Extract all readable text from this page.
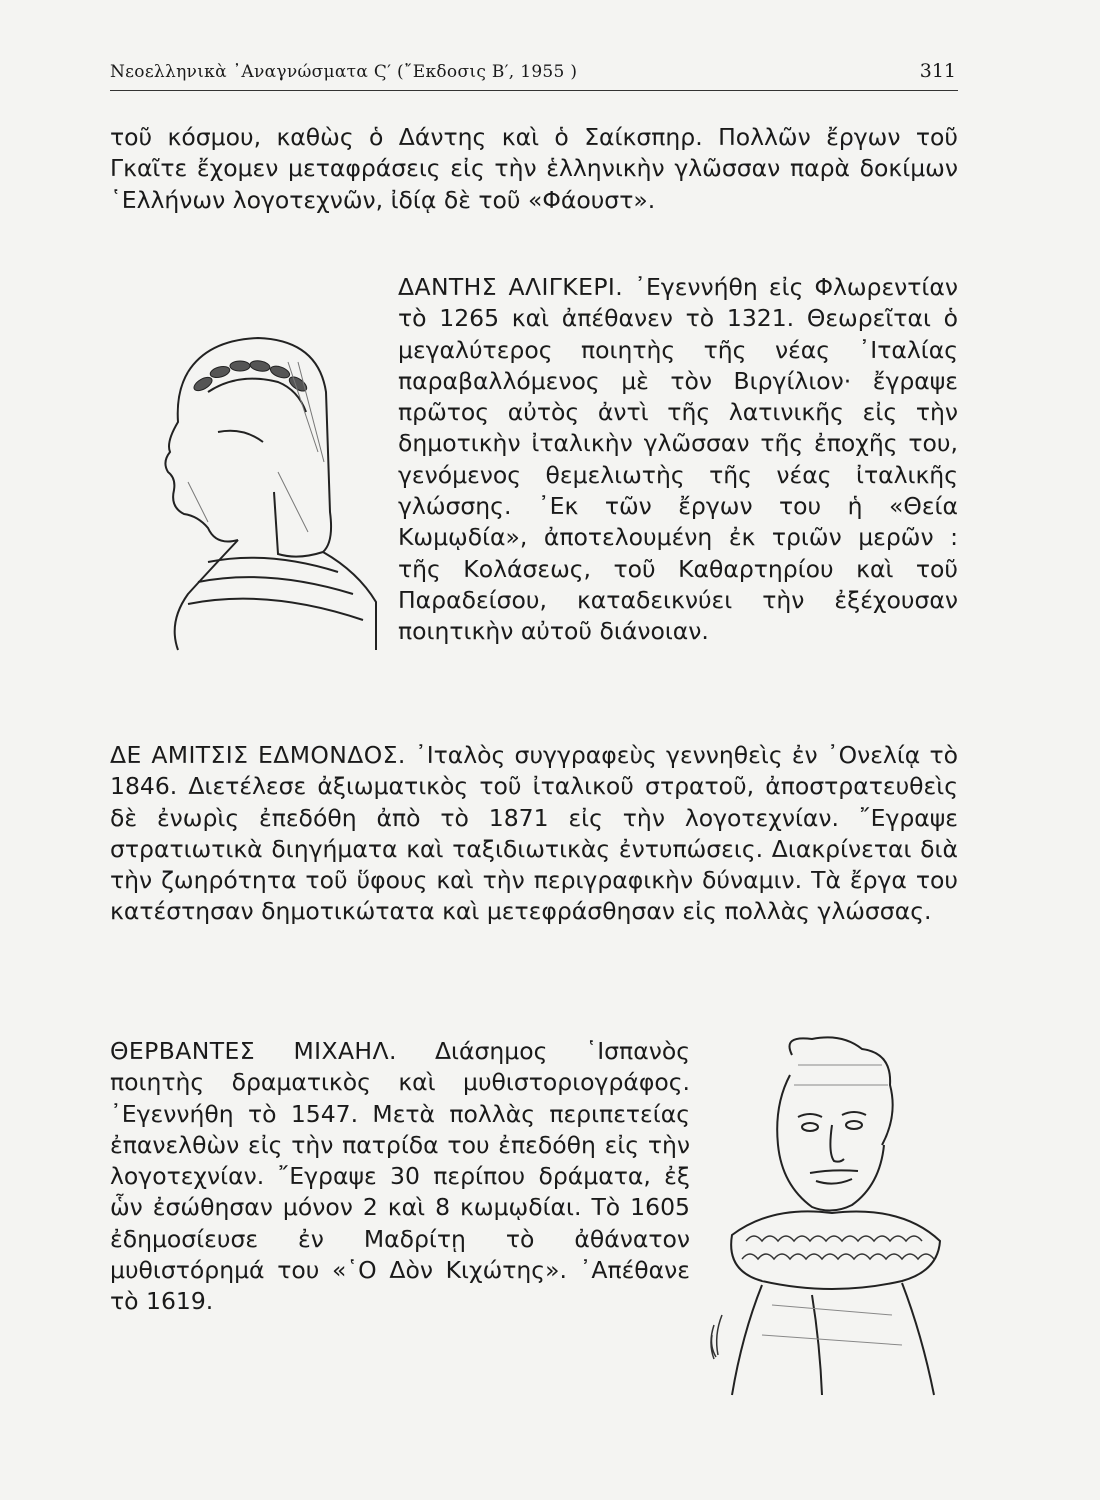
Νεοελληνικὰ ᾿Αναγνώσματα Ϛ′ (῎Εκδοσις Β′, 1955 )	311

τοῦ κόσμου, καθὼς ὁ Δάντης καὶ ὁ Σαίκσπηρ. Πολλῶν ἔργων τοῦ Γκαῖτε ἔχομεν μεταφράσεις εἰς τὴν ἑλληνικὴν γλῶσσαν παρὰ δοκίμων ῾Ελλήνων λογοτεχνῶν, ἰδίᾳ δὲ τοῦ «Φάουστ».

ΔΑΝΤΗΣ ΑΛΙΓΚΕΡΙ. ᾿Εγεννήθη εἰς Φλωρεντίαν τὸ 1265 καὶ ἀπέθανεν τὸ 1321. Θεωρεῖται ὁ μεγαλύτερος ποιητὴς τῆς νέας ᾿Ιταλίας παραβαλλόμενος μὲ τὸν Βιργίλιον· ἔγραψε πρῶτος αὐτὸς ἀντὶ τῆς λατινικῆς εἰς τὴν δημοτικὴν ἰταλικὴν γλῶσσαν τῆς ἐποχῆς του, γενόμενος θεμελιωτὴς τῆς νέας ἰταλικῆς γλώσσης. ᾿Εκ τῶν ἔργων του ἡ «Θεία Κωμῳδία», ἀποτελουμένη ἐκ τριῶν μερῶν : τῆς Κολάσεως, τοῦ Καθαρτηρίου καὶ τοῦ Παραδείσου, καταδεικνύει τὴν ἐξέχουσαν ποιητικὴν αὐτοῦ διάνοιαν.

ΔΕ ΑΜΙΤΣΙΣ ΕΔΜΟΝΔΟΣ. ᾿Ιταλὸς συγγραφεὺς γεννηθεὶς ἐν ᾿Ονελίᾳ τὸ 1846. Διετέλεσε ἀξιωματικὸς τοῦ ἰταλικοῦ στρατοῦ, ἀποστρατευθεὶς δὲ ἐνωρὶς ἐπεδόθη ἀπὸ τὸ 1871 εἰς τὴν λογοτεχνίαν. ῎Εγραψε στρατιωτικὰ διηγήματα καὶ ταξιδιωτικὰς ἐντυπώσεις. Διακρίνεται διὰ τὴν ζωηρότητα τοῦ ὕφους καὶ τὴν περιγραφικὴν δύναμιν. Τὰ ἔργα του κατέστησαν δημοτικώτατα καὶ μετεφράσθησαν εἰς πολλὰς γλώσσας.

ΘΕΡΒΑΝΤΕΣ ΜΙΧΑΗΛ. Διάσημος ῾Ισπανὸς ποιητὴς δραματικὸς καὶ μυθιστοριογράφος. ᾿Εγεννήθη τὸ 1547. Μετὰ πολλὰς περιπετείας ἐπανελθὼν εἰς τὴν πατρίδα του ἐπεδόθη εἰς τὴν λογοτεχνίαν. ῎Εγραψε 30 περίπου δράματα, ἐξ ὧν ἐσώθησαν μόνον 2 καὶ 8 κωμῳδίαι. Τὸ 1605 ἐδημοσίευσε ἐν Μαδρίτῃ τὸ ἀθάνατον μυθιστόρημά του «῾Ο Δὸν Κιχώτης». ᾿Απέθανε τὸ 1619.
